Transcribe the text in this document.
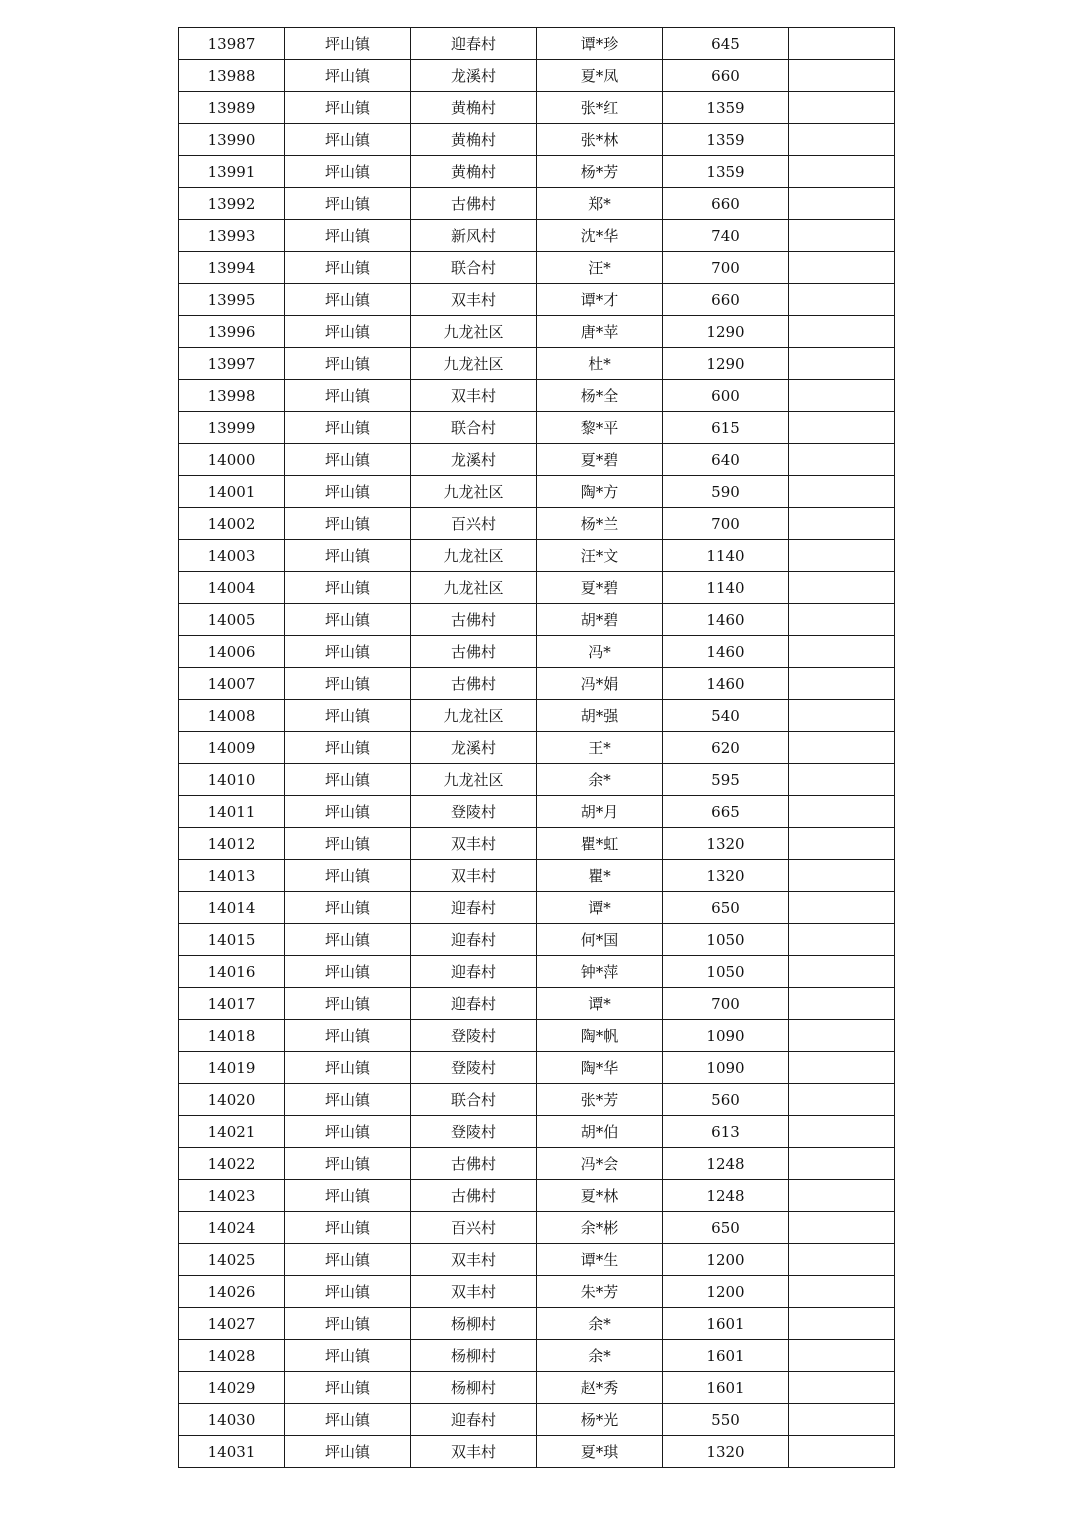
13987	坪山镇	迎春村	谭*珍	645	
13988	坪山镇	龙溪村	夏*凤	660	
13989	坪山镇	黄桷村	张*红	1359	
13990	坪山镇	黄桷村	张*林	1359	
13991	坪山镇	黄桷村	杨*芳	1359	
13992	坪山镇	古佛村	郑*	660	
13993	坪山镇	新风村	沈*华	740	
13994	坪山镇	联合村	汪*	700	
13995	坪山镇	双丰村	谭*才	660	
13996	坪山镇	九龙社区	唐*苹	1290	
13997	坪山镇	九龙社区	杜*	1290	
13998	坪山镇	双丰村	杨*全	600	
13999	坪山镇	联合村	黎*平	615	
14000	坪山镇	龙溪村	夏*碧	640	
14001	坪山镇	九龙社区	陶*方	590	
14002	坪山镇	百兴村	杨*兰	700	
14003	坪山镇	九龙社区	汪*文	1140	
14004	坪山镇	九龙社区	夏*碧	1140	
14005	坪山镇	古佛村	胡*碧	1460	
14006	坪山镇	古佛村	冯*	1460	
14007	坪山镇	古佛村	冯*娟	1460	
14008	坪山镇	九龙社区	胡*强	540	
14009	坪山镇	龙溪村	王*	620	
14010	坪山镇	九龙社区	余*	595	
14011	坪山镇	登陵村	胡*月	665	
14012	坪山镇	双丰村	瞿*虹	1320	
14013	坪山镇	双丰村	瞿*	1320	
14014	坪山镇	迎春村	谭*	650	
14015	坪山镇	迎春村	何*国	1050	
14016	坪山镇	迎春村	钟*萍	1050	
14017	坪山镇	迎春村	谭*	700	
14018	坪山镇	登陵村	陶*帆	1090	
14019	坪山镇	登陵村	陶*华	1090	
14020	坪山镇	联合村	张*芳	560	
14021	坪山镇	登陵村	胡*伯	613	
14022	坪山镇	古佛村	冯*会	1248	
14023	坪山镇	古佛村	夏*林	1248	
14024	坪山镇	百兴村	余*彬	650	
14025	坪山镇	双丰村	谭*生	1200	
14026	坪山镇	双丰村	朱*芳	1200	
14027	坪山镇	杨柳村	余*	1601	
14028	坪山镇	杨柳村	余*	1601	
14029	坪山镇	杨柳村	赵*秀	1601	
14030	坪山镇	迎春村	杨*光	550	
14031	坪山镇	双丰村	夏*琪	1320	
